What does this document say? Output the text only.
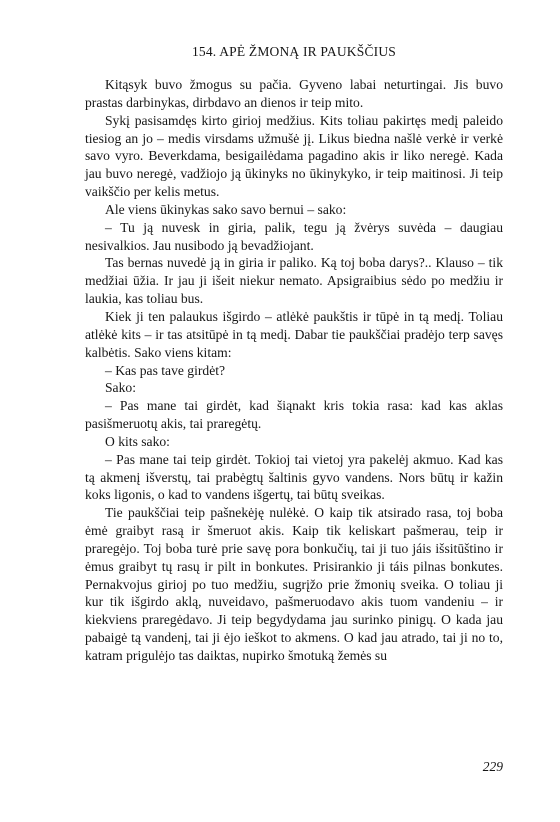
154. APĖ ŽMONĄ IR PAUKŠČIUS

Kitąsyk buvo žmogus su pačia. Gyveno labai neturtingai. Jis buvo prastas darbinykas, dirbdavo an dienos ir teip mito.

Sykį pasisamdęs kirto girioj medžius. Kits toliau pakirtęs medį paleido tiesiog an jo – medis virsdams užmušė jį. Likus biedna našlė verkė ir verkė savo vyro. Beverkdama, besigailėdama pagadino akis ir liko neregė. Kada jau buvo neregė, vadžiojo ją ūkinyks no ūkinykyko, ir teip maitinosi. Ji teip vaikščio per kelis metus.

Ale viens ūkinykas sako savo bernui – sako:

– Tu ją nuvesk in giria, palik, tegu ją žvėrys suvėda – daugiau nesivalkios. Jau nusibodo ją bevadžiojant.

Tas bernas nuvedė ją in giria ir paliko. Ką toj boba darys?.. Klauso – tik medžiai ūžia. Ir jau ji išeit niekur nemato. Apsigraibius sėdo po medžiu ir laukia, kas toliau bus.

Kiek ji ten palaukus išgirdo – atlėkė paukštis ir tūpė in tą medį. Toliau atlėkė kits – ir tas atsitūpė in tą medį. Dabar tie paukščiai pradėjo terp savęs kalbėtis. Sako viens kitam:

– Kas pas tave girdėt?

Sako:

– Pas mane tai girdėt, kad šiąnakt kris tokia rasa: kad kas aklas pasišmeruotų akis, tai praregėtų.

O kits sako:

– Pas mane tai teip girdėt. Tokioj tai vietoj yra pakelėj akmuo. Kad kas tą akmenį išverstų, tai prabėgtų šaltinis gyvo vandens. Nors būtų ir kažin koks ligonis, o kad to vandens išgertų, tai būtų sveikas.

Tie paukščiai teip pašnekėję nulėkė. O kaip tik atsirado rasa, toj boba ėmė graibyt rasą ir šmeruot akis. Kaip tik keliskart pašmerau, teip ir praregėjo. Toj boba turė prie savę pora bonkučių, tai ji tuo jáis išsitūštino ir ėmus graibyt tų rasų ir pilt in bonkutes. Prisirankio ji táis pilnas bonkutes. Pernakvojus girioj po tuo medžiu, sugrįžo prie žmonių sveika. O toliau ji kur tik išgirdo aklą, nuveidavo, pašmeruodavo akis tuom vandeniu – ir kiekviens praregėdavo. Ji teip begydydama jau surinko pinigų. O kada jau pabaigė tą vandenį, tai ji ėjo ieškot to akmens. O kad jau atrado, tai ji no to, katram prigulėjo tas daiktas, nupirko šmotuką žemės su

229
